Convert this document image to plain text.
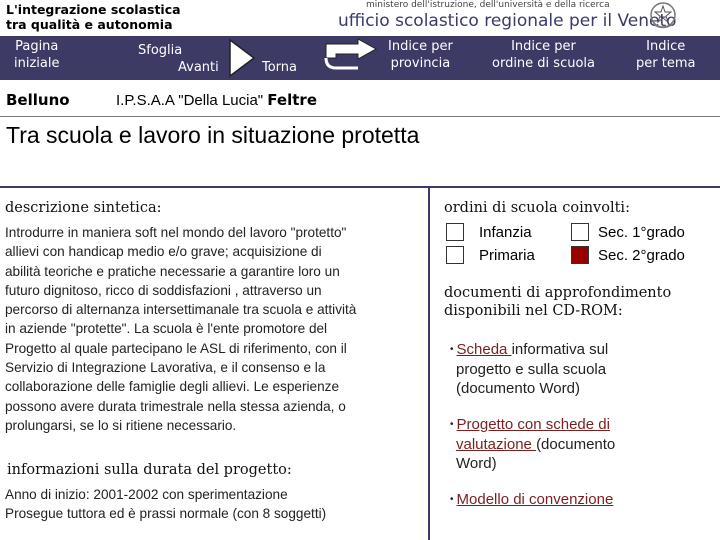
L'integrazione scolastica
tra qualità e autonomia
ministero dell'istruzione, dell'università e della ricerca
ufficio scolastico regionale per il Veneto
Pagina
iniziale
Sfoglia
Avanti	Torna
Indice per
provincia
Indice per
ordine di scuola
Indice
per tema
Belluno	I.P.S.A.A "Della Lucia" Feltre
Tra scuola e lavoro in situazione protetta
descrizione sintetica:
Introdurre in maniera soft nel mondo del lavoro "protetto"
allievi con handicap medio e/o grave; acquisizione di
abilità teoriche e pratiche necessarie a garantire loro un
futuro dignitoso, ricco di soddisfazioni , attraverso un
percorso di alternanza intersettimanale tra scuola e attività
in aziende "protette". La scuola è l'ente promotore del
Progetto al quale partecipano le ASL di riferimento, con il
Servizio di Integrazione Lavorativa, e il consenso e la
collaborazione delle famiglie degli allievi. Le esperienze
possono avere durata trimestrale nella stessa azienda, o
prolungarsi, se lo si ritiene necessario.
informazioni sulla durata del progetto:
Anno di inizio: 2001-2002 con sperimentazione
Prosegue tuttora ed è prassi normale (con 8 soggetti)
ordini di scuola coinvolti:
Infanzia	Sec. 1°grado
Primaria	Sec. 2°grado
documenti di approfondimento
disponibili nel CD-ROM:
• Scheda informativa sul
progetto e sulla scuola
(documento Word)
• Progetto con schede di
valutazione (documento
Word)
• Modello di convenzione
